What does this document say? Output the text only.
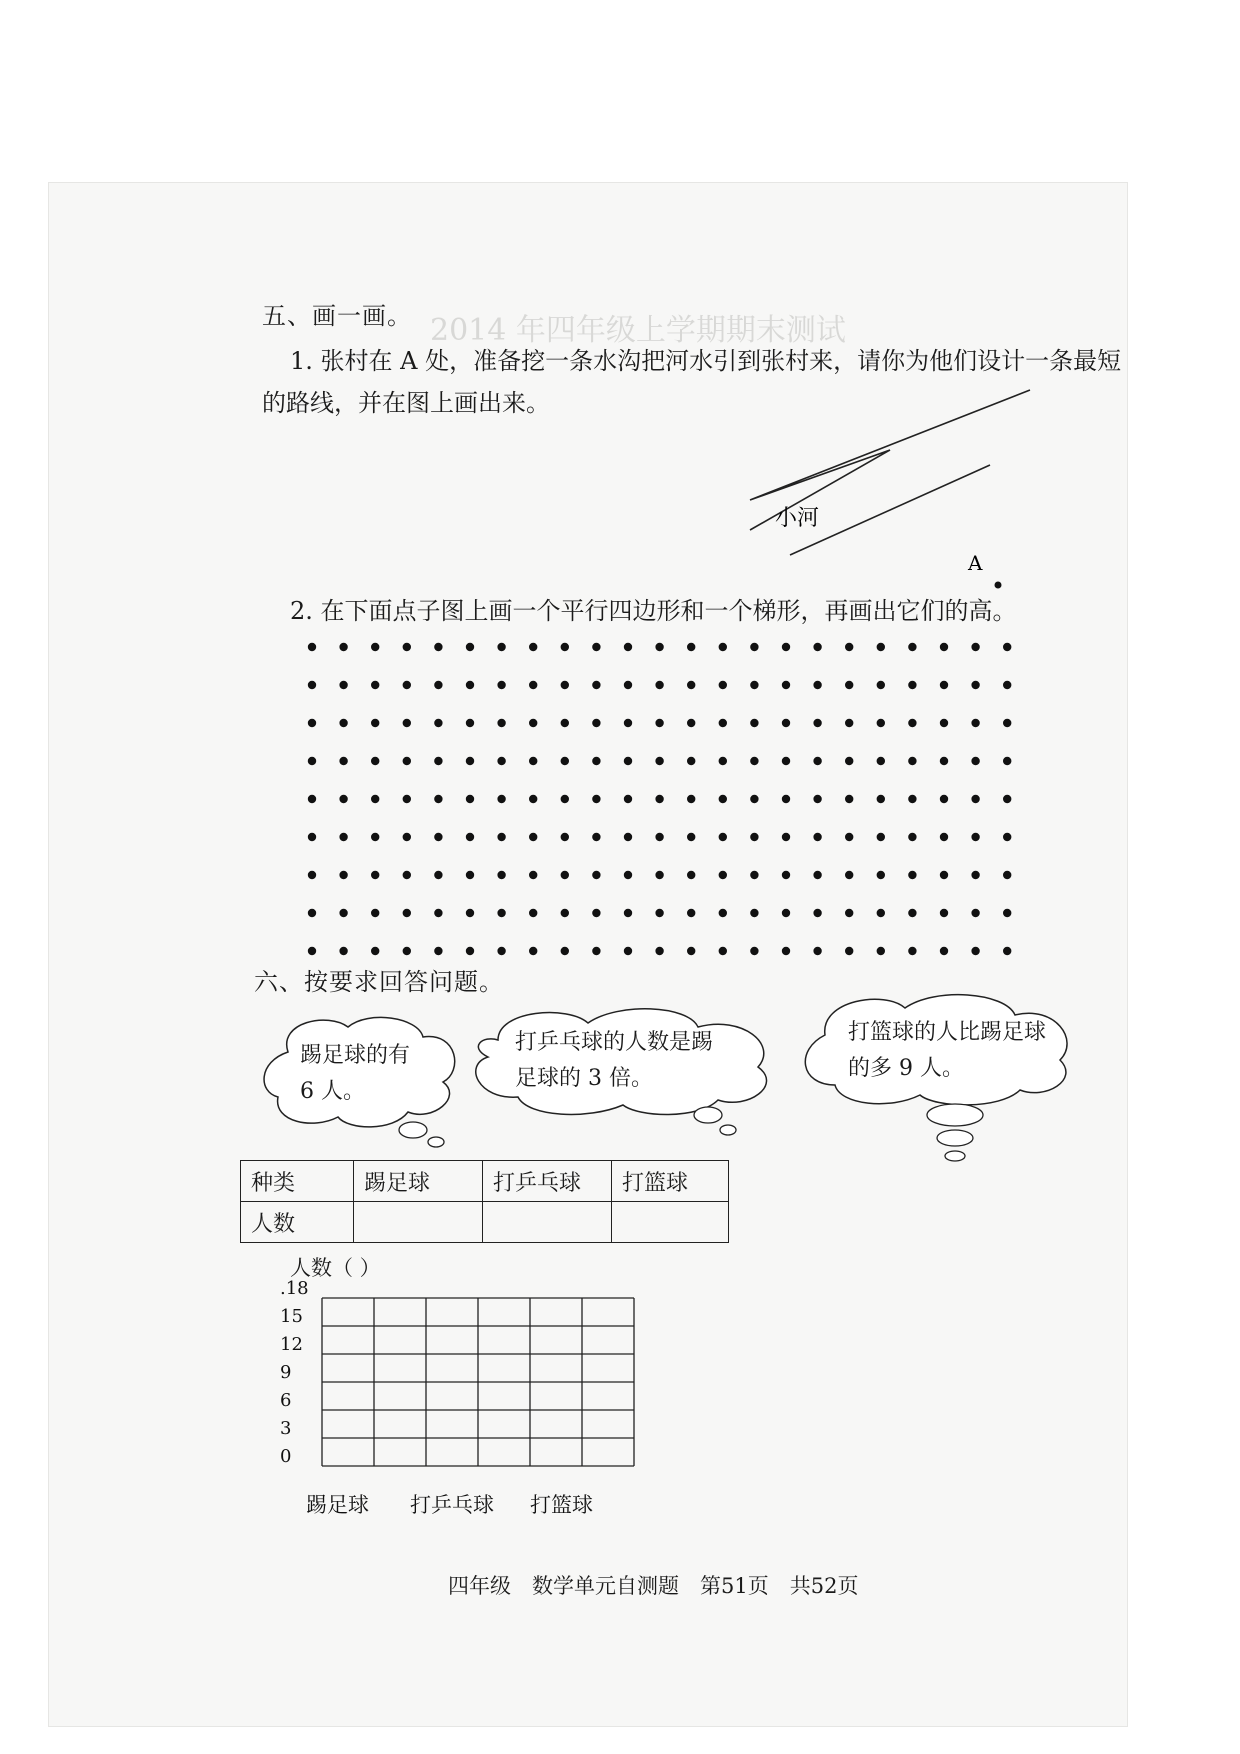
2014 年四年级上学期期末测试
五、画一画。
1. 张村在 A 处，准备挖一条水沟把河水引到张村来，请你为他们设计一条最短的路线，并在图上画出来。
小河
A
2. 在下面点子图上画一个平行四边形和一个梯形，再画出它们的高。
六、按要求回答问题。
踢足球的有 6 人。
打乒乓球的人数是踢足球的 3 倍。
打篮球的人比踢足球的多 9 人。
种类	踢足球	打乒乓球	打篮球
人数			
人数（ ）
.18
15
12
9
6
3
0
踢足球 打乒乓球 打篮球
四年级　数学单元自测题　第51页　共52页
